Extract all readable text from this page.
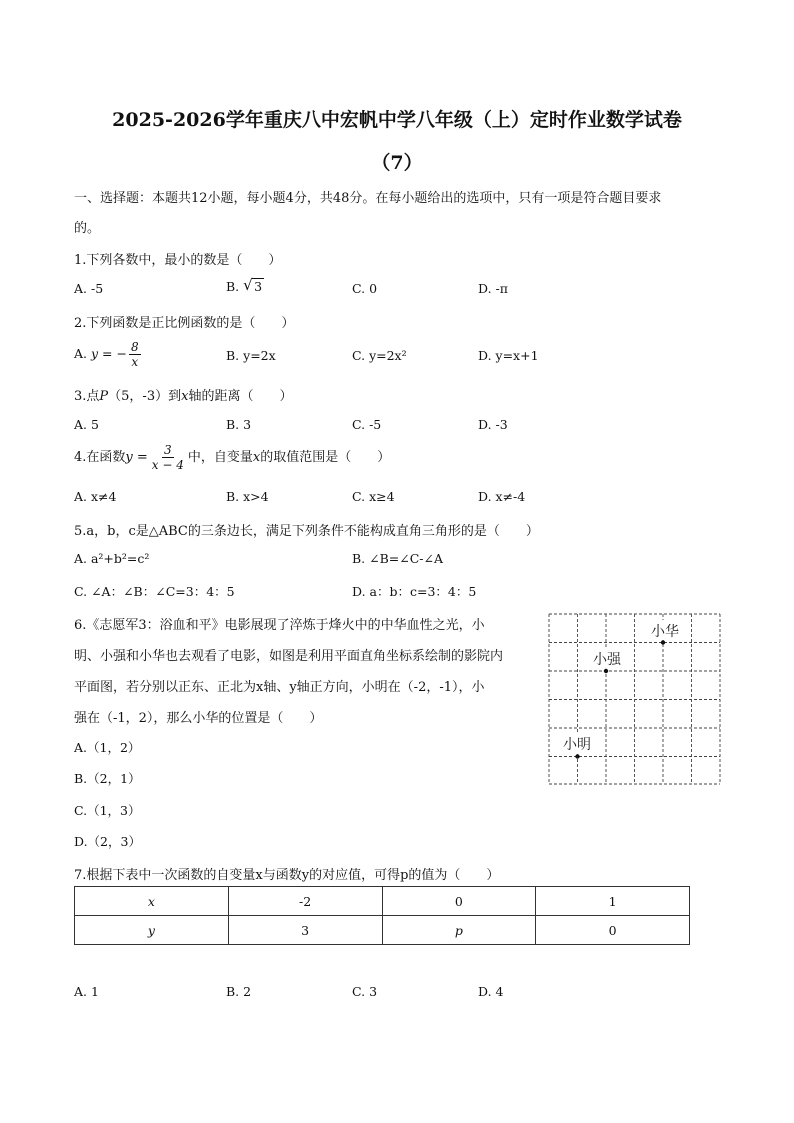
2025-2026学年重庆八中宏帆中学八年级（上）定时作业数学试卷
（7）
一、选择题：本题共12小题，每小题4分，共48分。在每小题给出的选项中，只有一项是符合题目要求
的。
1.下列各数中，最小的数是（　　）
A. -5	B. √ 3	C. 0	D. -π
2.下列函数是正比例函数的是（　　）
A. y = − $\frac{8}{x}$	B. y=2x	C. y=2x²	D. y=x+1
3.点P（5，-3）到x轴的距离（　　）
A. 5	B. 3	C. -5	D. -3
4.在函数$y = \frac{3}{x - 4}$ 中，自变量x的取值范围是（　　）
A. x≠4	B. x>4	C. x≥4	D. x≠-4
5.a，b，c是△ABC的三条边长，满足下列条件不能构成直角三角形的是（　　）
A. a²+b²=c²	B. ∠B=∠C-∠A
C. ∠A：∠B：∠C=3：4：5	D. a：b：c=3：4：5
6.《志愿军3：浴血和平》电影展现了淬炼于烽火中的中华血性之光，小
明、小强和小华也去观看了电影，如图是利用平面直角坐标系绘制的影院内
平面图，若分别以正东、正北为x轴、y轴正方向，小明在（-2，-1），小
强在（-1，2），那么小华的位置是（　　）
A.（1，2）
B.（2，1）
C.（1，3）
D.（2，3）
小华
小强
小明
7.根据下表中一次函数的自变量x与函数y的对应值，可得p的值为（　　）
x	-2	0	1
y	3	p	0
A. 1	B. 2	C. 3	D. 4
